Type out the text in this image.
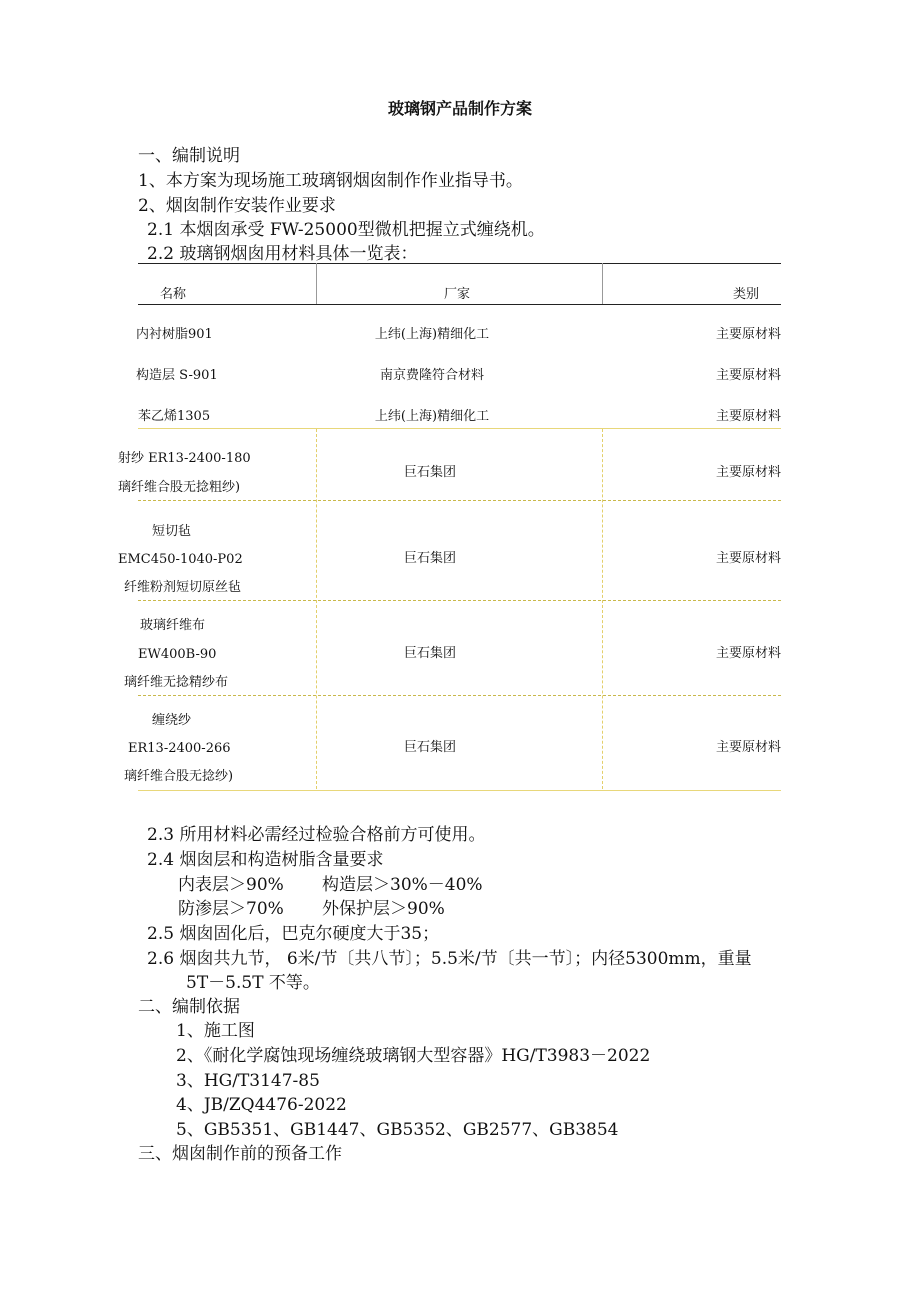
玻璃钢产品制作方案
一、编制说明
1、本方案为现场施工玻璃钢烟囱制作作业指导书。
2、烟囱制作安装作业要求
2.1 本烟囱承受 FW-25000型微机把握立式缠绕机。
2.2 玻璃钢烟囱用材料具体一览表：
名称	厂家	类别
内衬树脂901	上纬(上海)精细化工	主要原材料
构造层 S-901	南京费隆符合材料	主要原材料
苯乙烯1305	上纬(上海)精细化工	主要原材料
射纱 ER13-2400-180
璃纤维合股无捻粗纱)
巨石集团	主要原材料
短切毡
EMC450-1040-P02
纤维粉剂短切原丝毡
巨石集团	主要原材料
玻璃纤维布
EW400B-90
璃纤维无捻精纱布
巨石集团	主要原材料
缠绕纱
ER13-2400-266
璃纤维合股无捻纱)
巨石集团	主要原材料
2.3 所用材料必需经过检验合格前方可使用。
2.4 烟囱层和构造树脂含量要求
内表层＞90% 构造层＞30%－40%
防渗层＞70% 外保护层＞90%
2.5 烟囱固化后，巴克尔硬度大于35；
2.6 烟囱共九节， 6米/节〔共八节〕；5.5米/节〔共一节〕；内径5300mm，重量
5T－5.5T 不等。
二、编制依据
1、施工图
2、《耐化学腐蚀现场缠绕玻璃钢大型容器》HG/T3983－2022
3、HG/T3147-85
4、JB/ZQ4476-2022
5、GB5351、GB1447、GB5352、GB2577、GB3854
三、烟囱制作前的预备工作
